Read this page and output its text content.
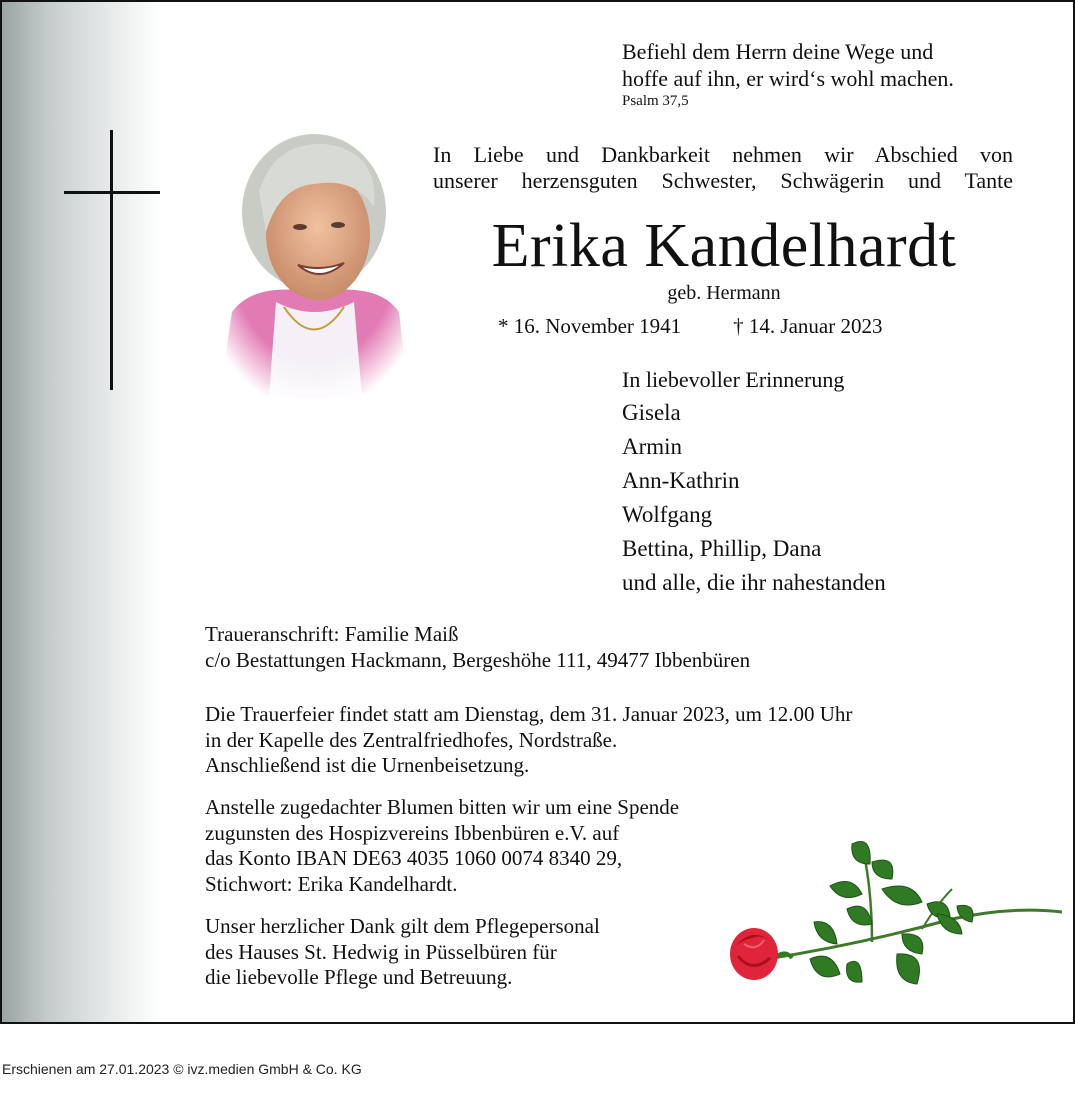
Befiehl dem Herrn deine Wege und
hoffe auf ihn, er wird‘s wohl machen.
Psalm 37,5
In Liebe und Dankbarkeit nehmen wir Abschied von
unserer herzensguten Schwester, Schwägerin und Tante
Erika Kandelhardt
geb. Hermann
* 16. November 1941 † 14. Januar 2023
In liebevoller Erinnerung
Gisela
Armin
Ann-Kathrin
Wolfgang
Bettina, Phillip, Dana
und alle, die ihr nahestanden
Traueranschrift: Familie Maiß
c/o Bestattungen Hackmann, Bergeshöhe 111, 49477 Ibbenbüren
Die Trauerfeier findet statt am Dienstag, dem 31. Januar 2023, um 12.00 Uhr
in der Kapelle des Zentralfriedhofes, Nordstraße.
Anschließend ist die Urnenbeisetzung.
Anstelle zugedachter Blumen bitten wir um eine Spende
zugunsten des Hospizvereins Ibbenbüren e.V. auf
das Konto IBAN DE63 4035 1060 0074 8340 29,
Stichwort: Erika Kandelhardt.
Unser herzlicher Dank gilt dem Pflegepersonal
des Hauses St. Hedwig in Püsselbüren für
die liebevolle Pflege und Betreuung.
Erschienen am 27.01.2023 © ivz.medien GmbH & Co. KG
